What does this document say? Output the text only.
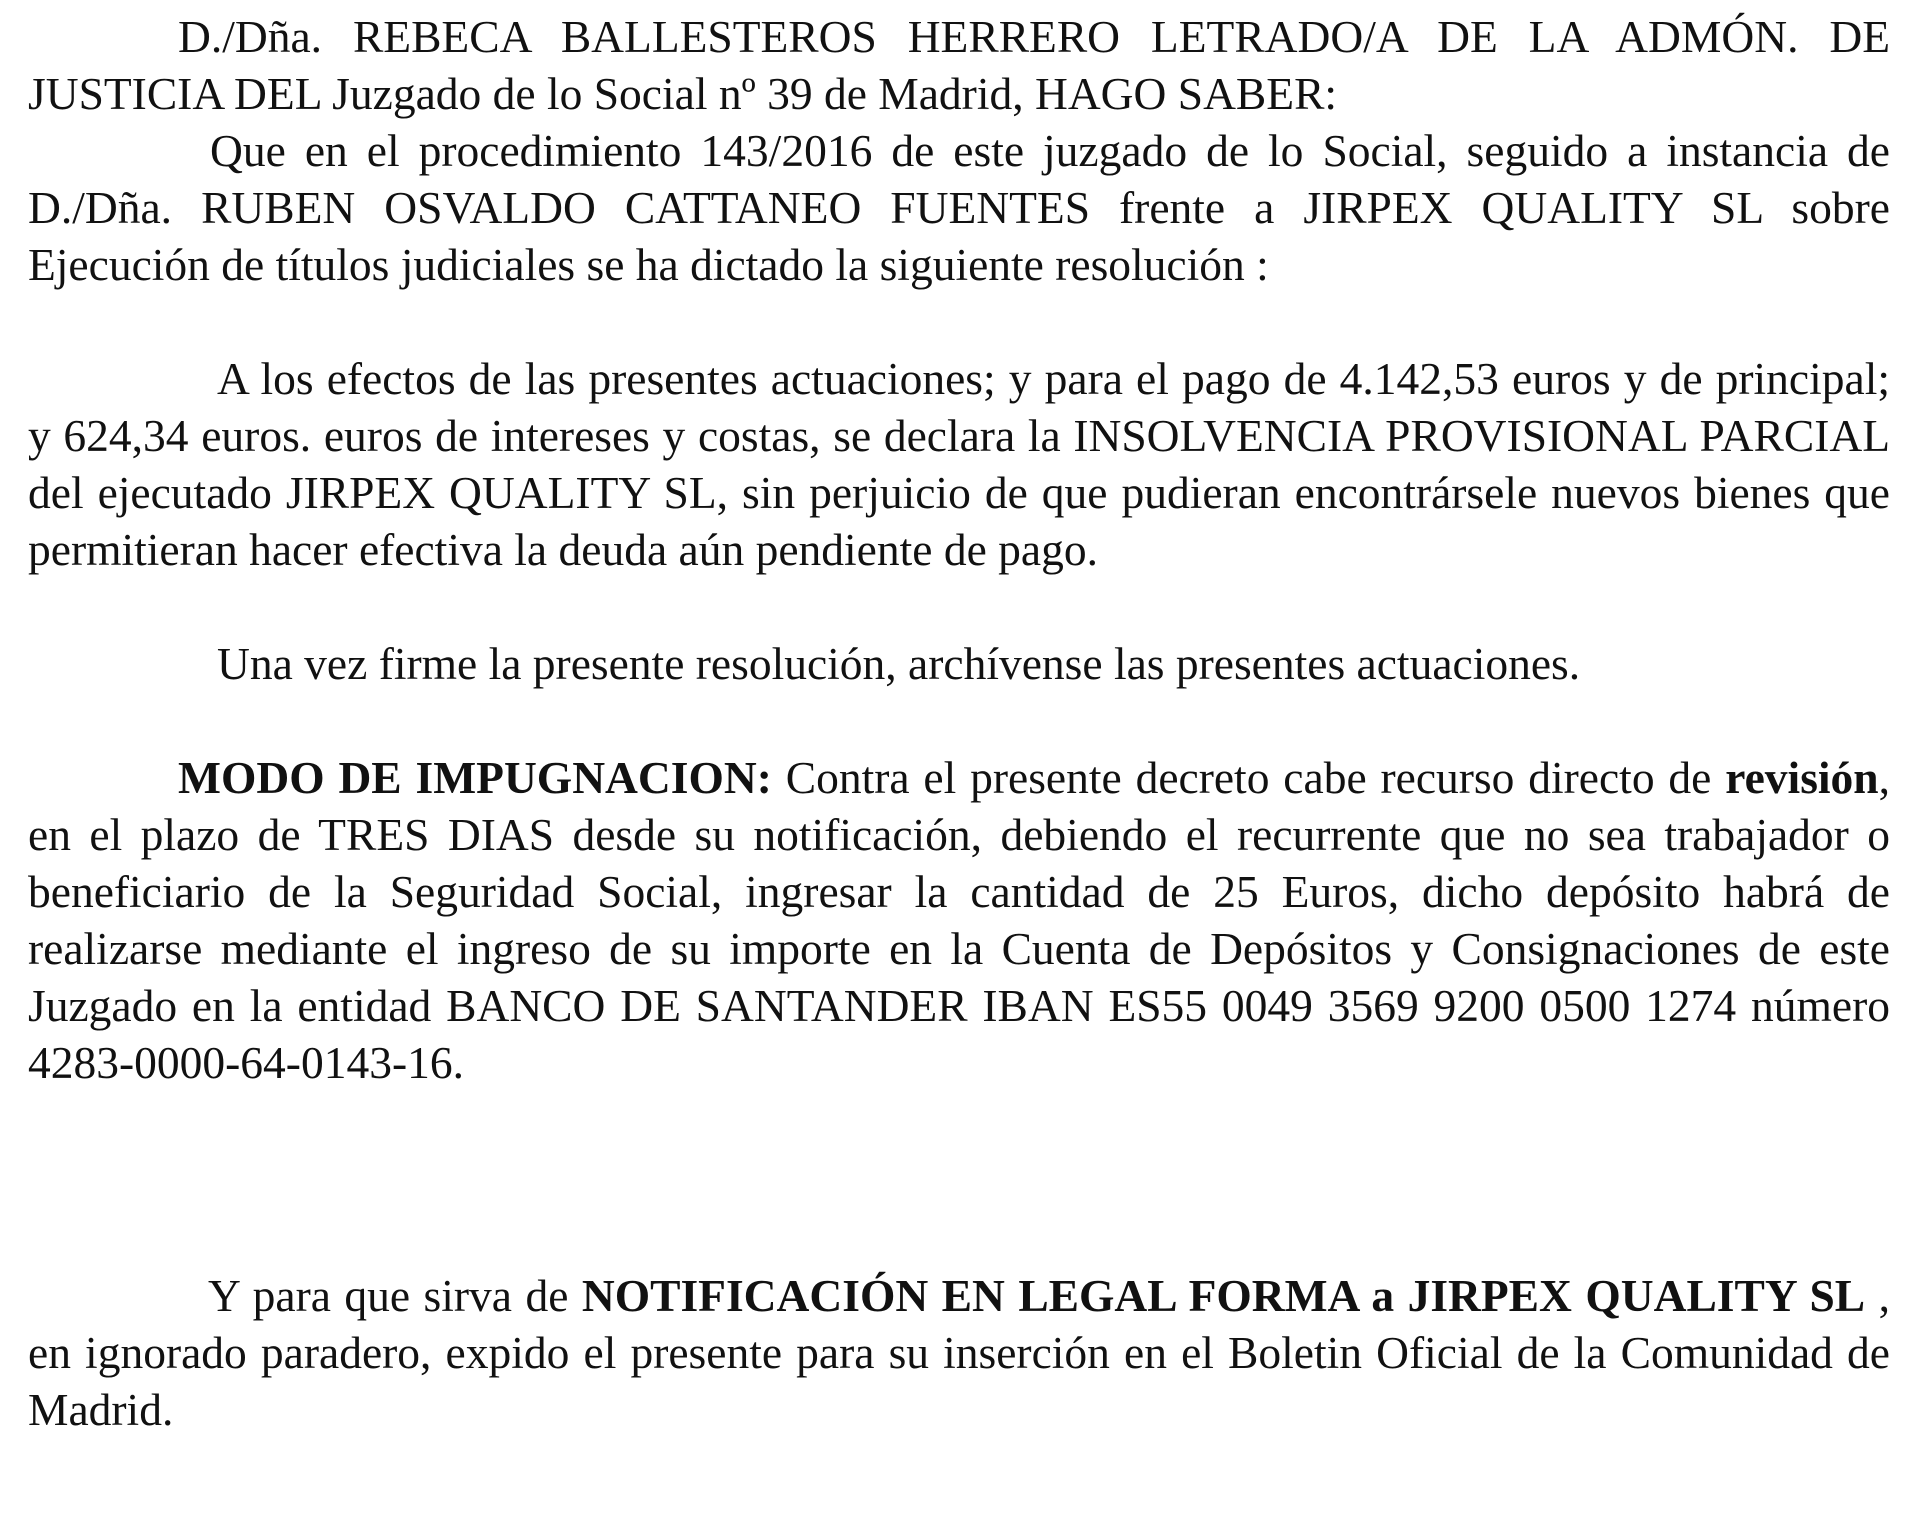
D./Dña. REBECA BALLESTEROS HERRERO LETRADO/A DE LA ADMÓN. DE JUSTICIA DEL Juzgado de lo Social nº 39 de Madrid, HAGO SABER:

Que en el procedimiento 143/2016 de este juzgado de lo Social, seguido a instancia de D./Dña. RUBEN OSVALDO CATTANEO FUENTES frente a JIRPEX QUALITY SL sobre Ejecución de títulos judiciales se ha dictado la siguiente resolución :

A los efectos de las presentes actuaciones; y para el pago de 4.142,53 euros y de principal; y 624,34 euros. euros de intereses y costas, se declara la INSOLVENCIA PROVISIONAL PARCIAL del ejecutado JIRPEX QUALITY SL, sin perjuicio de que pudieran encontrársele nuevos bienes que permitieran hacer efectiva la deuda aún pendiente de pago.

Una vez firme la presente resolución, archívense las presentes actuaciones.

MODO DE IMPUGNACION: Contra el presente decreto cabe recurso directo de revisión, en el plazo de TRES DIAS desde su notificación, debiendo el recurrente que no sea trabajador o beneficiario de la Seguridad Social, ingresar la cantidad de 25 Euros, dicho depósito habrá de realizarse mediante el ingreso de su importe en la Cuenta de Depósitos y Consignaciones de este Juzgado en la entidad BANCO DE SANTANDER IBAN ES55 0049 3569 9200 0500 1274 número 4283-0000-64-0143-16.

Y para que sirva de NOTIFICACIÓN EN LEGAL FORMA a JIRPEX QUALITY SL , en ignorado paradero, expido el presente para su inserción en el Boletin Oficial de la Comunidad de Madrid.
